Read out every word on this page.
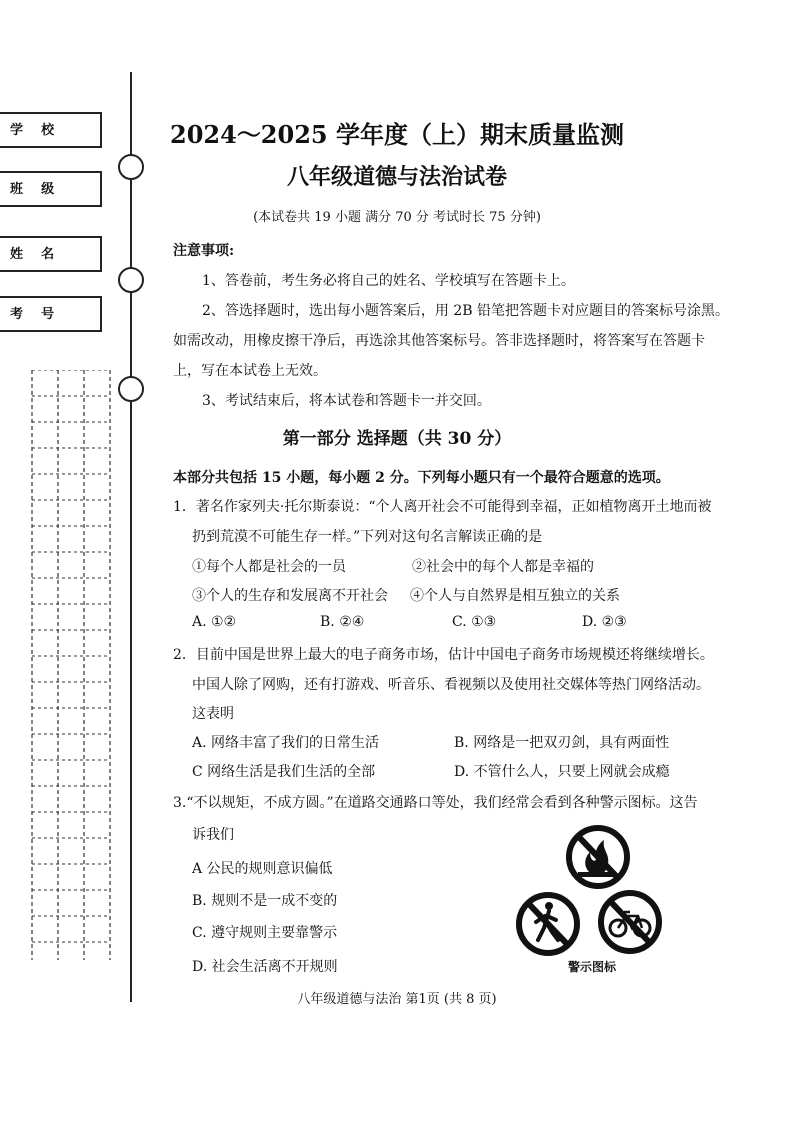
学    校
班    级
姓    名
考    号
2024～2025 学年度（上）期末质量监测
八年级道德与法治试卷
(本试卷共 19 小题 满分 70 分 考试时长 75 分钟)
注意事项:
1、答卷前，考生务必将自己的姓名、学校填写在答题卡上。
2、答选择题时，选出每小题答案后，用 2B 铅笔把答题卡对应题目的答案标号涂黑。
如需改动，用橡皮擦干净后，再选涂其他答案标号。答非选择题时，将答案写在答题卡
上，写在本试卷上无效。
3、考试结束后，将本试卷和答题卡一并交回。
第一部分 选择题（共 30 分）
本部分共包括 15 小题，每小题 2 分。下列每小题只有一个最符合题意的选项。
1．著名作家列夫·托尔斯泰说：“个人离开社会不可能得到幸福，正如植物离开土地而被
扔到荒漠不可能生存一样。”下列对这句名言解读正确的是
①每个人都是社会的一员	②社会中的每个人都是幸福的
③个人的生存和发展离不开社会 ④个人与自然界是相互独立的关系
A. ①②	B. ②④	C. ①③	D. ②③
2．目前中国是世界上最大的电子商务市场，估计中国电子商务市场规模还将继续增长。
中国人除了网购，还有打游戏、听音乐、看视频以及使用社交媒体等热门网络活动。
这表明
A. 网络丰富了我们的日常生活	B. 网络是一把双刃剑，具有两面性
C 网络生活是我们生活的全部	D. 不管什么人，只要上网就会成瘾
3.“不以规矩，不成方圆。”在道路交通路口等处，我们经常会看到各种警示图标。这告
诉我们
A 公民的规则意识偏低
B. 规则不是一成不变的
C. 遵守规则主要靠警示
D. 社会生活离不开规则	警示图标
八年级道德与法治 第1页 (共 8 页)
